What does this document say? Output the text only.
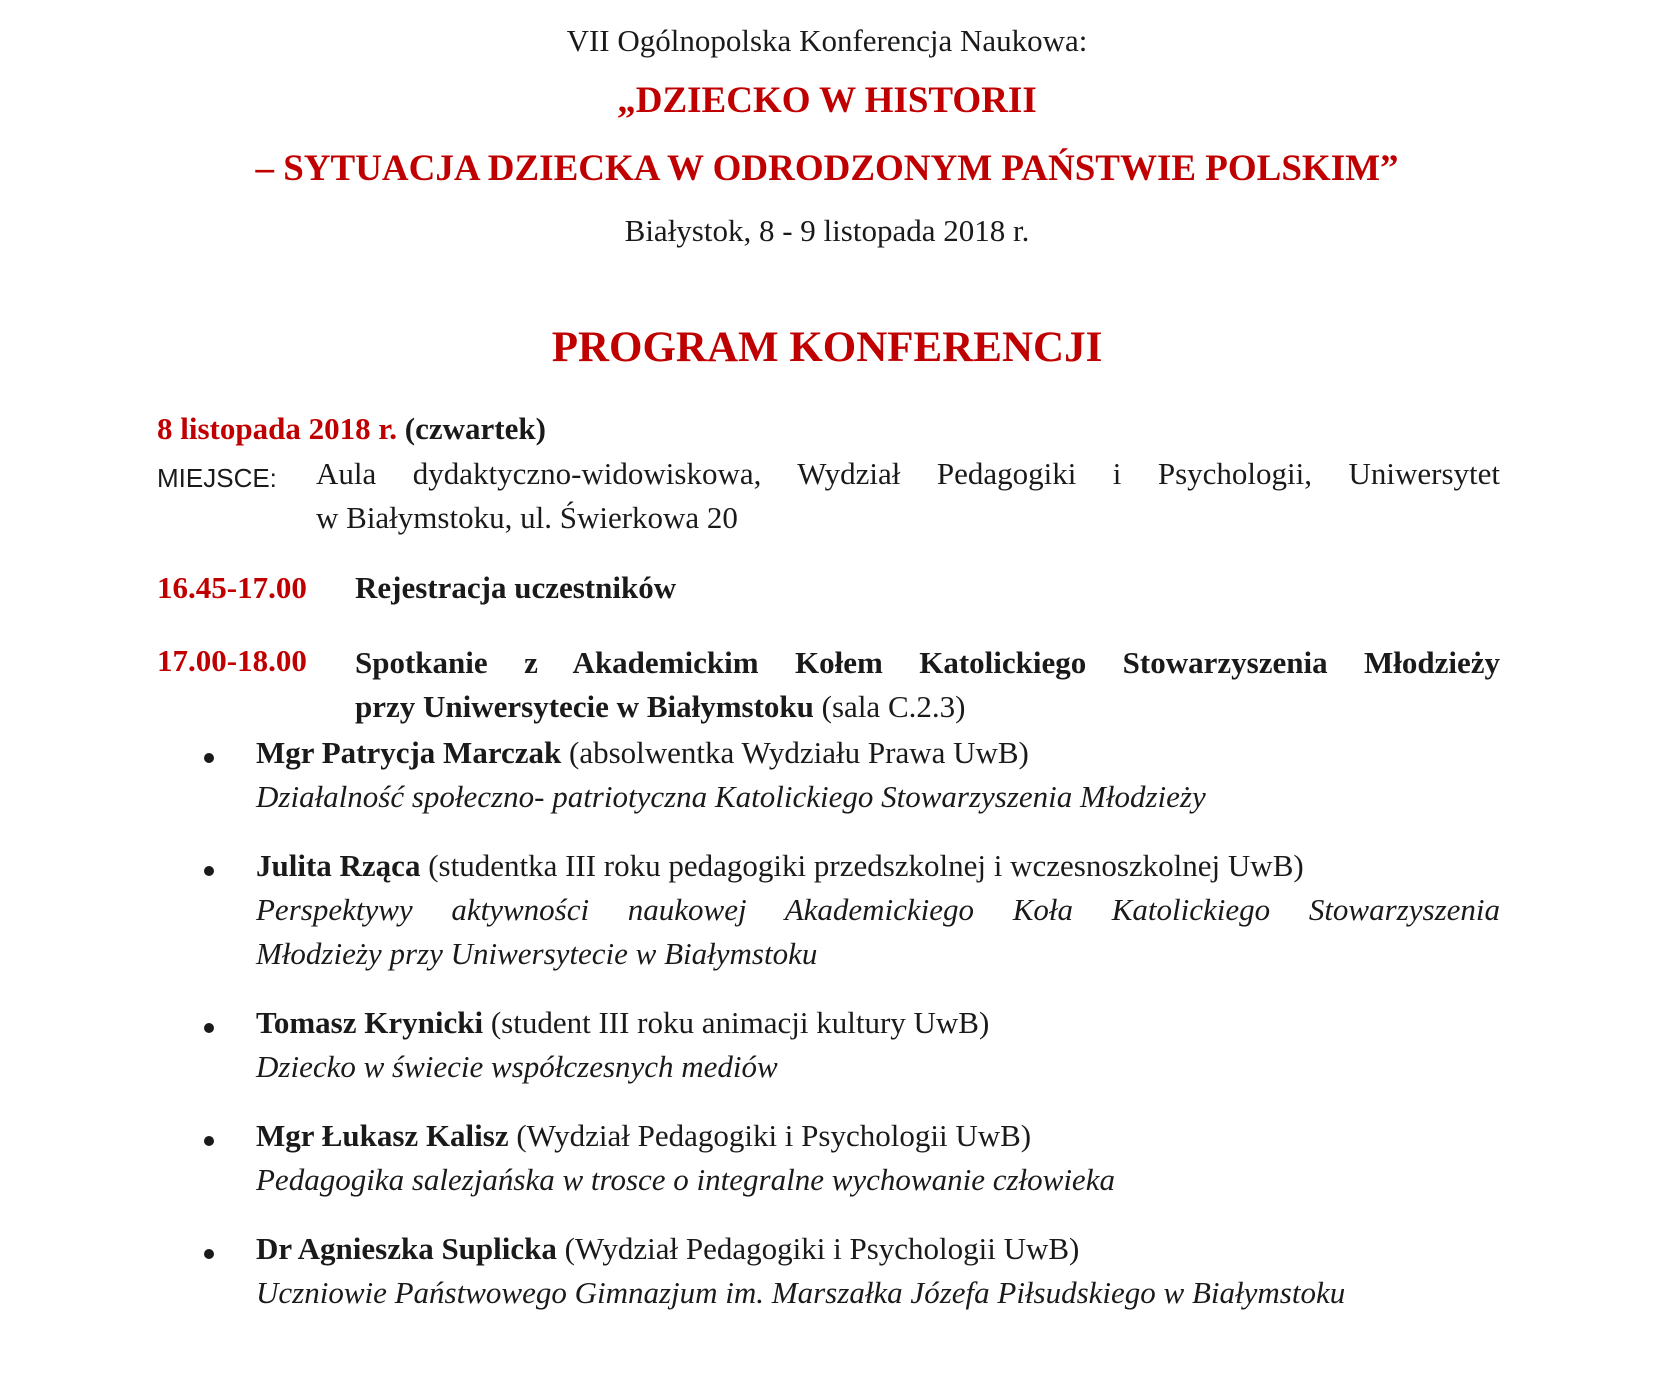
VII Ogólnopolska Konferencja Naukowa:
„DZIECKO W HISTORII
– SYTUACJA DZIECKA W ODRODZONYM PAŃSTWIE POLSKIM”
Białystok, 8 - 9 listopada 2018 r.
PROGRAM KONFERENCJI
8 listopada 2018 r. (czwartek)
MIEJSCE: Aula dydaktyczno-widowiskowa, Wydział Pedagogiki i Psychologii, Uniwersytet
w Białymstoku, ul. Świerkowa 20
16.45-17.00 Rejestracja uczestników
17.00-18.00 Spotkanie z Akademickim Kołem Katolickiego Stowarzyszenia Młodzieży
przy Uniwersytecie w Białymstoku (sala C.2.3)
Mgr Patrycja Marczak (absolwentka Wydziału Prawa UwB)
Działalność społeczno- patriotyczna Katolickiego Stowarzyszenia Młodzieży
Julita Rząca (studentka III roku pedagogiki przedszkolnej i wczesnoszkolnej UwB)
Perspektywy aktywności naukowej Akademickiego Koła Katolickiego Stowarzyszenia
Młodzieży przy Uniwersytecie w Białymstoku
Tomasz Krynicki (student III roku animacji kultury UwB)
Dziecko w świecie współczesnych mediów
Mgr Łukasz Kalisz (Wydział Pedagogiki i Psychologii UwB)
Pedagogika salezjańska w trosce o integralne wychowanie człowieka
Dr Agnieszka Suplicka (Wydział Pedagogiki i Psychologii UwB)
Uczniowie Państwowego Gimnazjum im. Marszałka Józefa Piłsudskiego w Białymstoku
